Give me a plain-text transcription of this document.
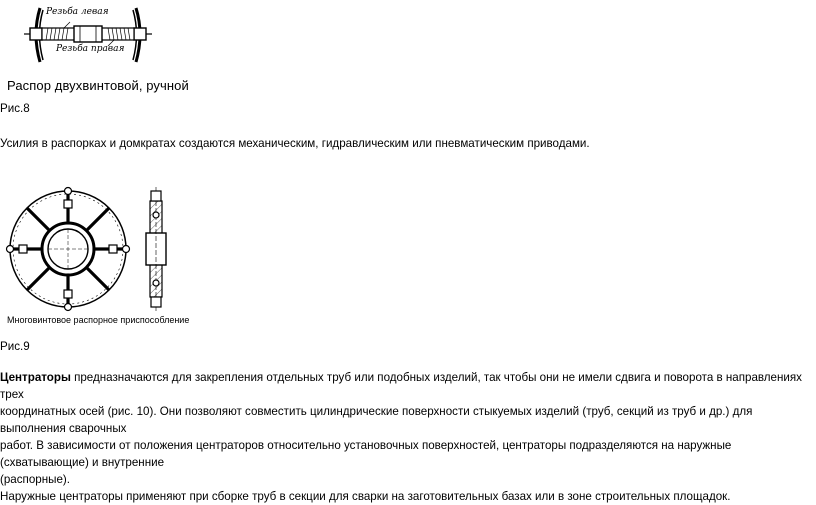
Резьба левая
Резьба правая
Распор двухвинтовой, ручной
Рис.8
Усилия в распорках и домкратах создаются механическим, гидравлическим или пневматическим приводами.
Многовинтовое распорное приспособление
Рис.9
Центраторы предназначаются для закрепления отдельных труб или подобных изделий, так чтобы они не имели сдвига и поворота в направлениях трех
координатных осей (рис. 10). Они позволяют совместить цилиндрические поверхности стыкуемых изделий (труб, секций из труб и др.) для выполнения сварочных
работ. В зависимости от положения центраторов относительно установочных поверхностей, центраторы подразделяются на наружные (схватывающие) и внутренние
(распорные).
Наружные центраторы применяют при сборке труб в секции для сварки на заготовительных базах или в зоне строительных площадок.
